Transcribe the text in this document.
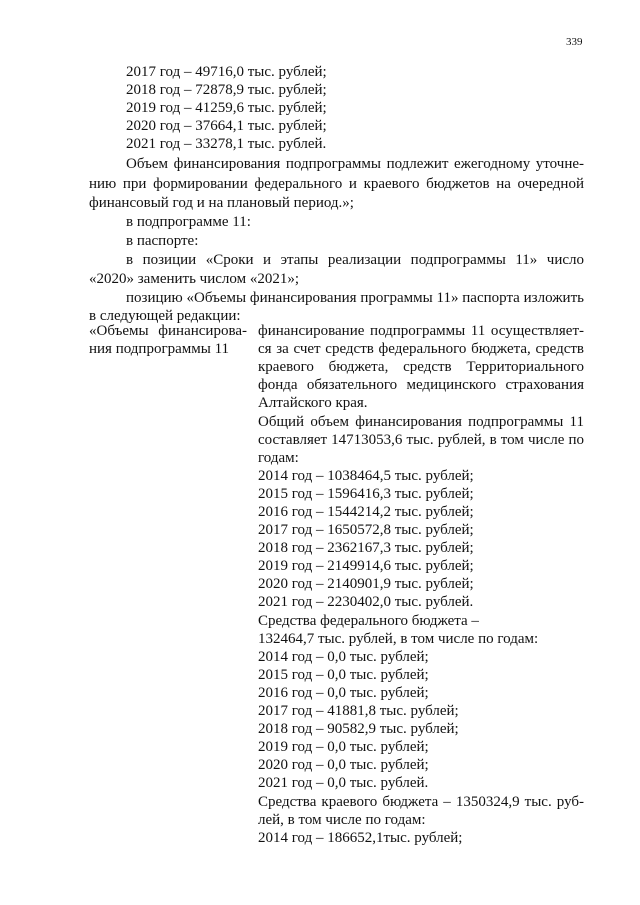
339
2017 год – 49716,0 тыс. рублей;
2018 год – 72878,9 тыс. рублей;
2019 год – 41259,6 тыс. рублей;
2020 год – 37664,1 тыс. рублей;
2021 год – 33278,1 тыс. рублей.
Объем финансирования подпрограммы подлежит ежегодному уточне-
нию при формировании федерального и краевого бюджетов на очередной
финансовый год и на плановый период.»;
в подпрограмме 11:
в паспорте:
в позиции «Сроки и этапы реализации подпрограммы 11» число
«2020» заменить числом «2021»;
позицию «Объемы финансирования программы 11» паспорта изложить
в следующей редакции:
«Объемы финансирова-
ния подпрограммы 11
финансирование подпрограммы 11 осуществляет-
ся за счет средств федерального бюджета, средств
краевого бюджета, средств Территориального
фонда обязательного медицинского страхования
Алтайского края.
Общий объем финансирования подпрограммы 11
составляет 14713053,6 тыс. рублей, в том числе по
годам:
2014 год – 1038464,5 тыс. рублей;
2015 год – 1596416,3 тыс. рублей;
2016 год – 1544214,2 тыс. рублей;
2017 год – 1650572,8 тыс. рублей;
2018 год – 2362167,3 тыс. рублей;
2019 год – 2149914,6 тыс. рублей;
2020 год – 2140901,9 тыс. рублей;
2021 год – 2230402,0 тыс. рублей.
Средства федерального бюджета –
132464,7 тыс. рублей, в том числе по годам:
2014 год – 0,0 тыс. рублей;
2015 год – 0,0 тыс. рублей;
2016 год – 0,0 тыс. рублей;
2017 год – 41881,8 тыс. рублей;
2018 год – 90582,9 тыс. рублей;
2019 год – 0,0 тыс. рублей;
2020 год – 0,0 тыс. рублей;
2021 год – 0,0 тыс. рублей.
Средства краевого бюджета – 1350324,9 тыс. руб-
лей, в том числе по годам:
2014 год – 186652,1тыс. рублей;
